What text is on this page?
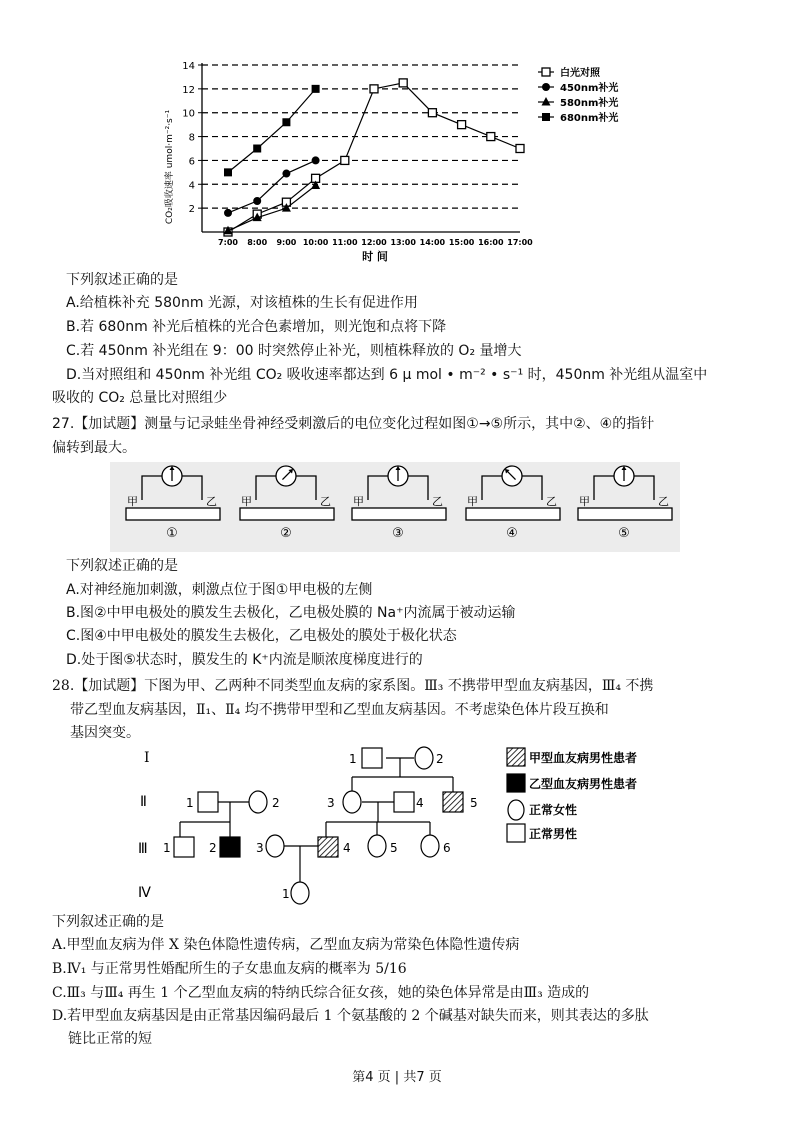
2
4
6
8
10
12
14
7:00 8:00 9:00 10:00 11:00 12:00 13:00 14:00 15:00 16:00 17:00
白光对照
450nm补光
580nm补光
680nm补光
时 间
CO₂吸收速率 umol·m⁻²·s⁻¹
下列叙述正确的是
A.给植株补充 580nm 光源，对该植株的生长有促进作用
B.若 680nm 补光后植株的光合色素增加，则光饱和点将下降
C.若 450nm 补光组在 9：00 时突然停止补光，则植株释放的 O₂ 量增大
D.当对照组和 450nm 补光组 CO₂ 吸收速率都达到 6 μ mol • m⁻² • s⁻¹ 时，450nm 补光组从温室中
吸收的 CO₂ 总量比对照组少
27.【加试题】测量与记录蛙坐骨神经受刺激后的电位变化过程如图①→⑤所示，其中②、④的指针
偏转到最大。
甲	乙
①
甲	乙
②
甲	乙
③
甲	乙
④
甲	乙
⑤
下列叙述正确的是
A.对神经施加刺激，刺激点位于图①甲电极的左侧
B.图②中甲电极处的膜发生去极化，乙电极处膜的 Na⁺内流属于被动运输
C.图④中甲电极处的膜发生去极化，乙电极处的膜处于极化状态
D.处于图⑤状态时，膜发生的 K⁺内流是顺浓度梯度进行的
28.【加试题】下图为甲、乙两种不同类型血友病的家系图。Ⅲ₃ 不携带甲型血友病基因，Ⅲ₄ 不携
带乙型血友病基因，Ⅱ₁、Ⅱ₄ 均不携带甲型和乙型血友病基因。不考虑染色体片段互换和
基因突变。
Ⅰ
Ⅱ
Ⅲ
Ⅳ
1	2
1	2	3	4	5
1	2	3	4	5	6
1
甲型血友病男性患者
乙型血友病男性患者
正常女性
正常男性
下列叙述正确的是
A.甲型血友病为伴 X 染色体隐性遗传病，乙型血友病为常染色体隐性遗传病
B.Ⅳ₁ 与正常男性婚配所生的子女患血友病的概率为 5/16
C.Ⅲ₃ 与Ⅲ₄ 再生 1 个乙型血友病的特纳氏综合征女孩，她的染色体异常是由Ⅲ₃ 造成的
D.若甲型血友病基因是由正常基因编码最后 1 个氨基酸的 2 个碱基对缺失而来，则其表达的多肽
链比正常的短
第4 页 | 共7 页
